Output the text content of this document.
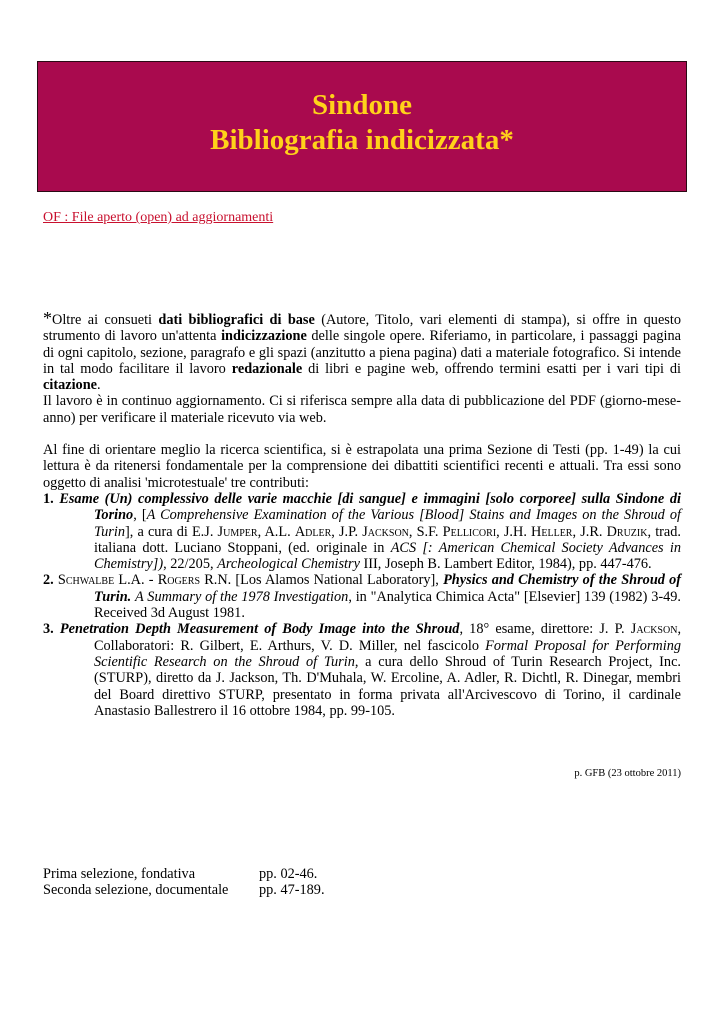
Sindone
Bibliografia indicizzata*
OF : File aperto (open) ad aggiornamenti

*Oltre ai consueti dati bibliografici di base (Autore, Titolo, vari elementi di stampa), si offre in questo strumento di lavoro un'attenta indicizzazione delle singole opere. Riferiamo, in particolare, i passaggi pagina di ogni capitolo, sezione, paragrafo e gli spazi (anzitutto a piena pagina) dati a materiale fotografico. Si intende in tal modo facilitare il lavoro redazionale di libri e pagine web, offrendo termini esatti per i vari tipi di citazione.

Il lavoro è in continuo aggiornamento. Ci si riferisca sempre alla data di pubblicazione del PDF (giorno-mese-anno) per verificare il materiale ricevuto via web.

Al fine di orientare meglio la ricerca scientifica, si è estrapolata una prima Sezione di Testi (pp. 1-49) la cui lettura è da ritenersi fondamentale per la comprensione dei dibattiti scientifici recenti e attuali. Tra essi sono oggetto di analisi 'microtestuale' tre contributi:

1. Esame (Un) complessivo delle varie macchie [di sangue] e immagini [solo corporee] sulla Sindone di Torino, [A Comprehensive Examination of the Various [Blood] Stains and Images on the Shroud of Turin], a cura di E.J. Jumper, A.L. Adler, J.P. Jackson, S.F. Pellicori, J.H. Heller, J.R. Druzik, trad. italiana dott. Luciano Stoppani, (ed. originale in ACS [: American Chemical Society Advances in Chemistry]), 22/205, Archeological Chemistry III, Joseph B. Lambert Editor, 1984), pp. 447-476.

2. Schwalbe L.A. - Rogers R.N. [Los Alamos National Laboratory], Physics and Chemistry of the Shroud of Turin. A Summary of the 1978 Investigation, in "Analytica Chimica Acta" [Elsevier] 139 (1982) 3-49. Received 3d August 1981.

3. Penetration Depth Measurement of Body Image into the Shroud, 18° esame, direttore: J. P. Jackson, Collaboratori: R. Gilbert, E. Arthurs, V. D. Miller, nel fascicolo Formal Proposal for Performing Scientific Research on the Shroud of Turin, a cura dello Shroud of Turin Research Project, Inc. (STURP), diretto da J. Jackson, Th. D'Muhala, W. Ercoline, A. Adler, R. Dichtl, R. Dinegar, membri del Board direttivo STURP, presentato in forma privata all'Arcivescovo di Torino, il cardinale Anastasio Ballestrero il 16 ottobre 1984, pp. 99-105.

p. GFB (23 ottobre 2011)
Prima selezione, fondativa	pp. 02-46.
Seconda selezione, documentale pp. 47-189.
